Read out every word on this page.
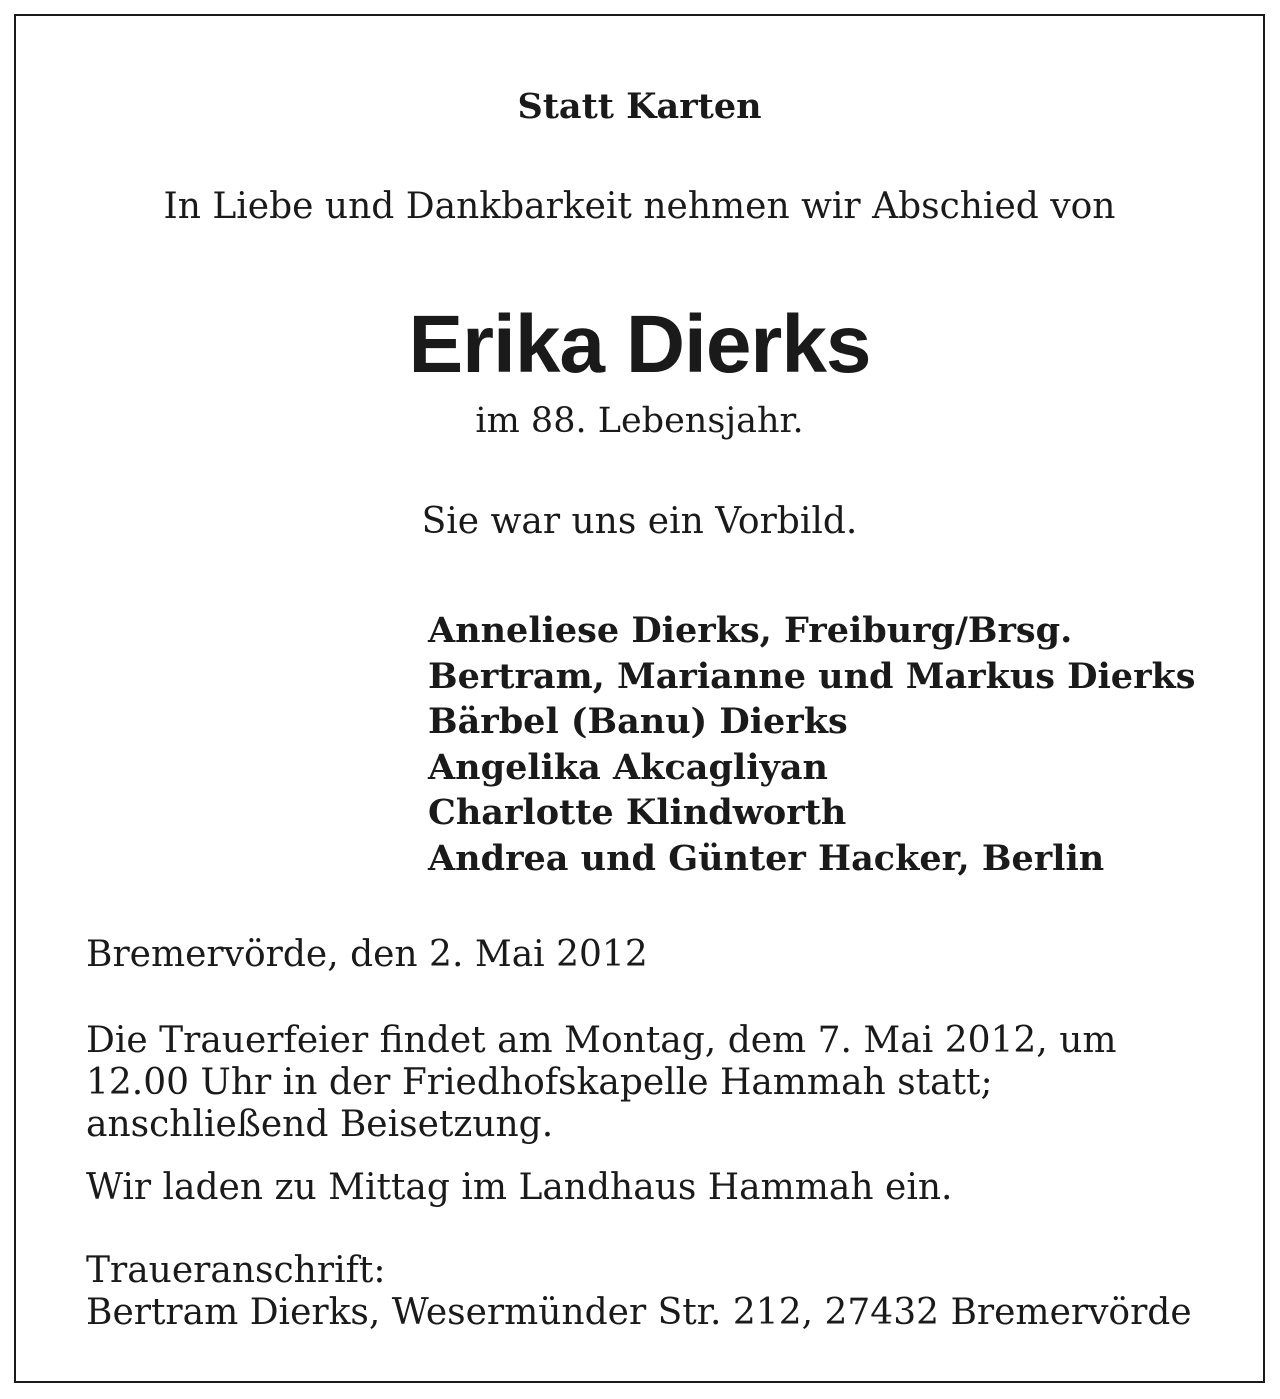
Statt Karten
In Liebe und Dankbarkeit nehmen wir Abschied von
Erika Dierks
im 88. Lebensjahr.
Sie war uns ein Vorbild.
Anneliese Dierks, Freiburg/Brsg.
Bertram, Marianne und Markus Dierks
Bärbel (Banu) Dierks
Angelika Akcagliyan
Charlotte Klindworth
Andrea und Günter Hacker, Berlin
Bremervörde, den 2. Mai 2012

Die Trauerfeier findet am Montag, dem 7. Mai 2012, um
12.00 Uhr in der Friedhofskapelle Hammah statt;
anschließend Beisetzung.

Wir laden zu Mittag im Landhaus Hammah ein.

Traueranschrift:
Bertram Dierks, Wesermünder Str. 212, 27432 Bremervörde
